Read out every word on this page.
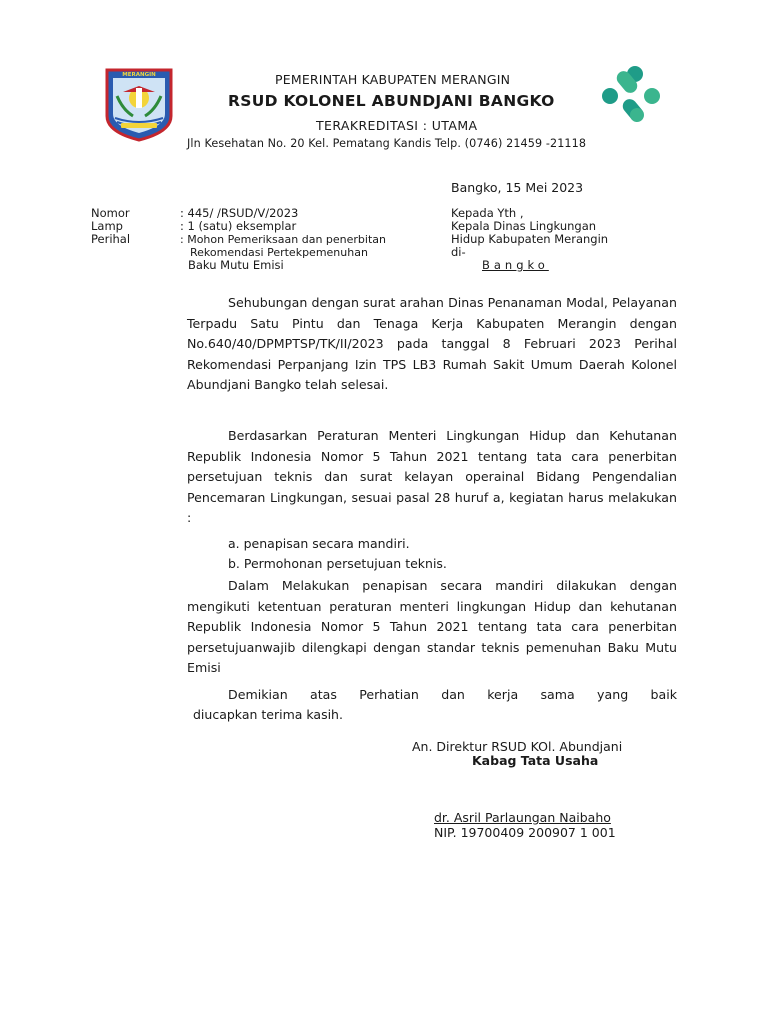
MERANGIN	PEMERINTAH KABUPATEN MERANGIN
RSUD KOLONEL ABUNDJANI BANGKO
TERAKREDITASI : UTAMA
Jln Kesehatan No. 20 Kel. Pematang Kandis Telp. (0746) 21459 -21118
Bangko, 15 Mei 2023
Nomor	: 445/ /RSUD/V/2023
Lamp	: 1 (satu) eksemplar
Perihal	: Mohon Pemeriksaan dan penerbitan
Rekomendasi Pertekpemenuhan
Baku Mutu Emisi
Kepada Yth ,
Kepala Dinas Lingkungan
Hidup Kabupaten Merangin
di-
Bangko
Sehubungan dengan surat arahan Dinas Penanaman Modal, Pelayanan Terpadu Satu Pintu dan Tenaga Kerja Kabupaten Merangin dengan No.640/40/DPMPTSP/TK/II/2023 pada tanggal 8 Februari 2023 Perihal Rekomendasi Perpanjang Izin TPS LB3 Rumah Sakit Umum Daerah Kolonel Abundjani Bangko telah selesai.
Berdasarkan Peraturan Menteri Lingkungan Hidup dan Kehutanan Republik Indonesia Nomor 5 Tahun 2021 tentang tata cara penerbitan persetujuan teknis dan surat kelayan operainal Bidang Pengendalian Pencemaran Lingkungan, sesuai pasal 28 huruf a, kegiatan harus melakukan :
a. penapisan secara mandiri.
b. Permohonan persetujuan teknis.
Dalam Melakukan penapisan secara mandiri dilakukan dengan mengikuti ketentuan peraturan menteri lingkungan Hidup dan kehutanan Republik Indonesia Nomor 5 Tahun 2021 tentang tata cara penerbitan persetujuanwajib dilengkapi dengan standar teknis pemenuhan Baku Mutu Emisi
Demikian atas Perhatian dan kerja sama yang baik
diucapkan terima kasih.
An. Direktur RSUD KOl. Abundjani
Kabag Tata Usaha
dr. Asril Parlaungan Naibaho
NIP. 19700409 200907 1 001
